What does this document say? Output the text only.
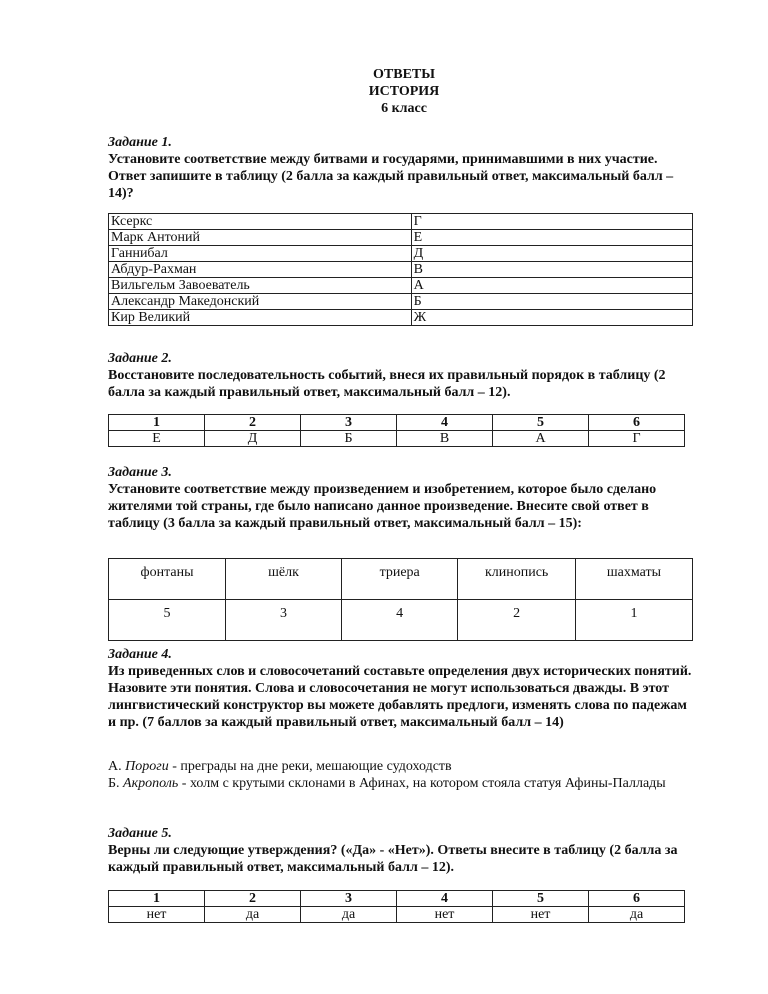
ОТВЕТЫ
ИСТОРИЯ
6 класс
Задание 1.
Установите соответствие между битвами и государями, принимавшими в них участие. Ответ запишите в таблицу (2 балла за каждый правильный ответ, максимальный балл – 14)?
Ксеркс	Г
Марк Антоний	Е
Ганнибал	Д
Абдур-Рахман	В
Вильгельм Завоеватель	А
Александр Македонский	Б
Кир Великий	Ж
Задание 2.
Восстановите последовательность событий, внеся их правильный порядок в таблицу (2 балла за каждый правильный ответ, максимальный балл – 12).
1	2	3	4	5	6
Е	Д	Б	В	А	Г
Задание 3.
Установите соответствие между произведением и изобретением, которое было сделано жителями той страны, где было написано данное произведение. Внесите свой ответ в таблицу (3 балла за каждый правильный ответ, максимальный балл – 15):
фонтаны	шёлк	триера	клинопись	шахматы
5	3	4	2	1
Задание 4.
Из приведенных слов и словосочетаний составьте определения двух исторических понятий. Назовите эти понятия. Слова и словосочетания не могут использоваться дважды. В этот лингвистический конструктор вы можете добавлять предлоги, изменять слова по падежам и пр. (7 баллов за каждый правильный ответ, максимальный балл – 14)
А. Пороги - преграды на дне реки, мешающие судоходств
Б. Акрополь - холм с крутыми склонами в Афинах, на котором стояла статуя Афины-Паллады
Задание 5.
Верны ли следующие утверждения? («Да» - «Нет»). Ответы внесите в таблицу (2 балла за каждый правильный ответ, максимальный балл – 12).
1	2	3	4	5	6
нет	да	да	нет	нет	да
